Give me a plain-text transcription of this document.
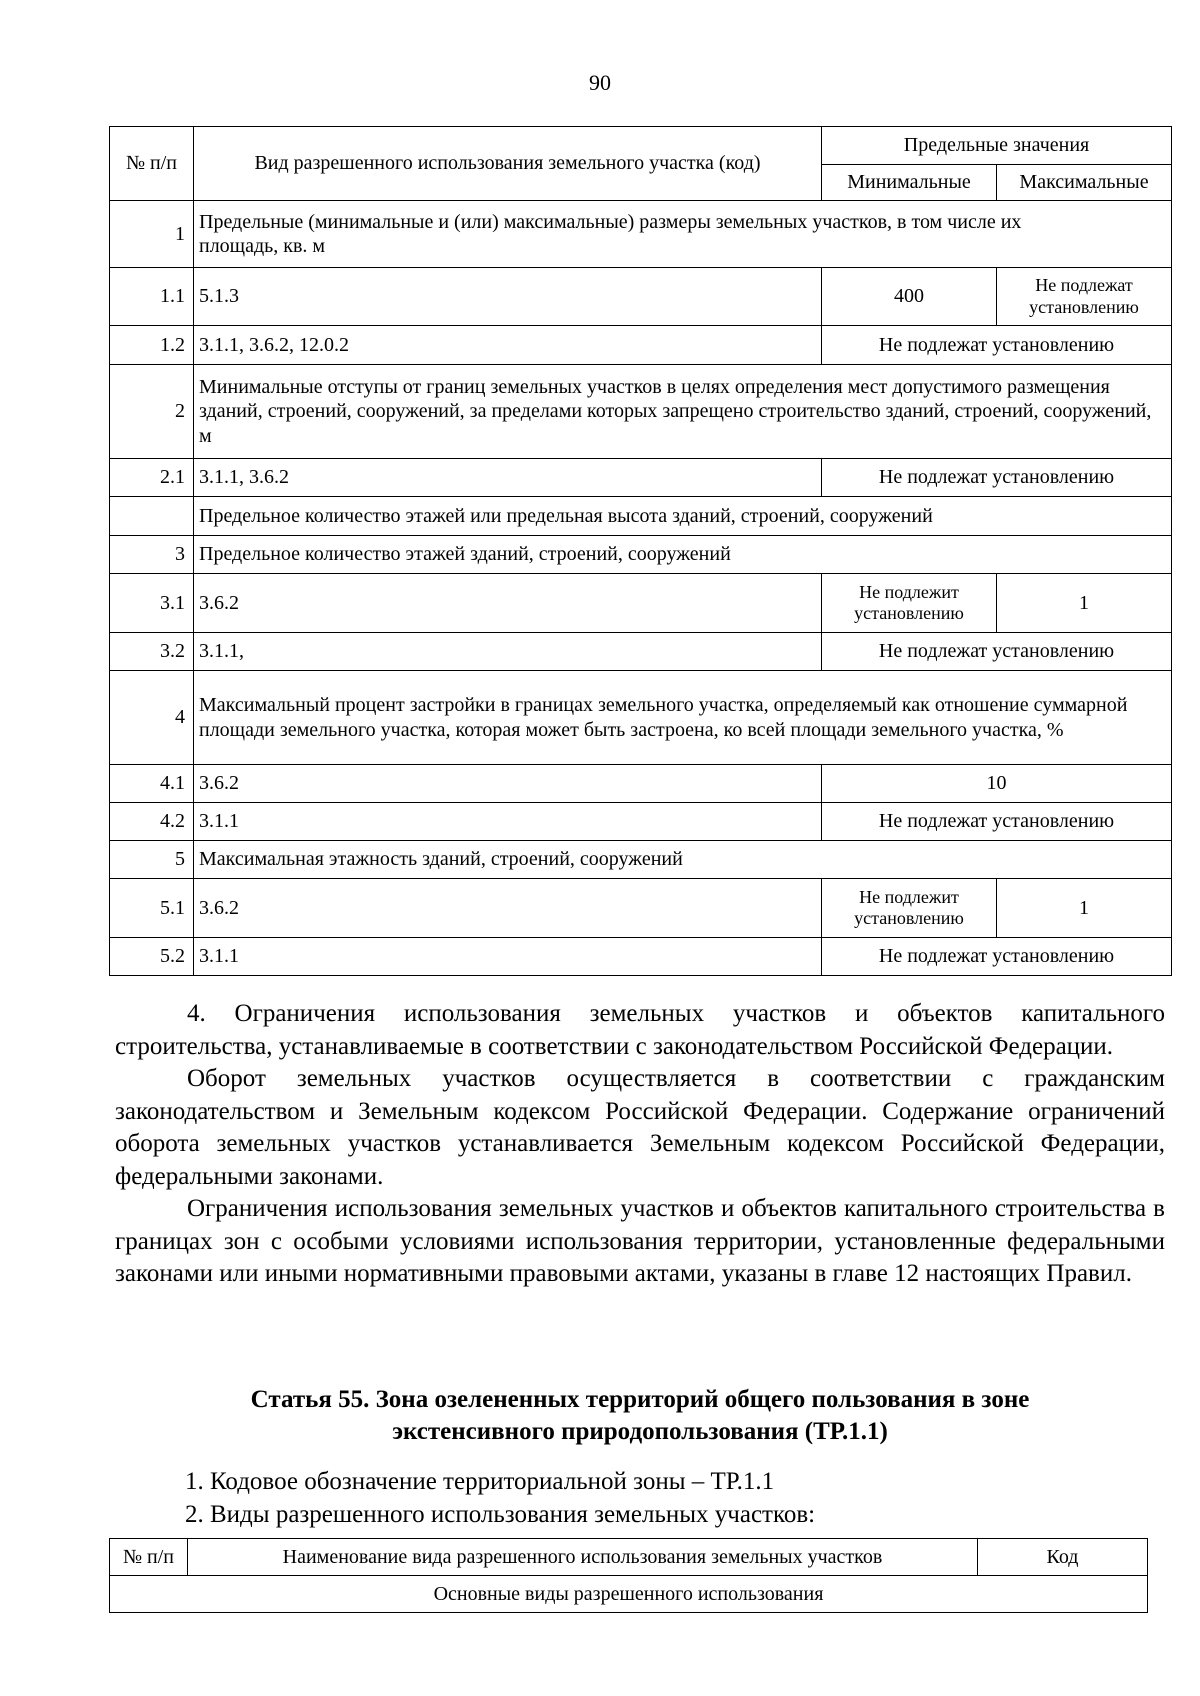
90
№ п/п	Вид разрешенного использования земельного участка (код)	Предельные значения	
		Минимальные	Максимальные
1	Предельные (минимальные и (или) максимальные) размеры земельных участков, в том числе их площадь, кв. м		
1.1	5.1.3	400	Не подлежат установлению
1.2	3.1.1, 3.6.2, 12.0.2	Не подлежат установлению	
2	Минимальные отступы от границ земельных участков в целях определения мест допустимого размещения зданий, строений, сооружений, за пределами которых запрещено строительство зданий, строений, сооружений, м		
2.1	3.1.1, 3.6.2	Не подлежат установлению	
	Предельное количество этажей или предельная высота зданий, строений, сооружений		
3	Предельное количество этажей зданий, строений, сооружений		
3.1	3.6.2	Не подлежит установлению	1
3.2	3.1.1,	Не подлежат установлению	
4	Максимальный процент застройки в границах земельного участка, определяемый как отношение суммарной площади земельного участка, которая может быть застроена, ко всей площади земельного участка, %		
4.1	3.6.2	10	
4.2	3.1.1	Не подлежат установлению	
5	Максимальная этажность зданий, строений, сооружений		
5.1	3.6.2	Не подлежит установлению	1
5.2	3.1.1	Не подлежат установлению	

4. Ограничения использования земельных участков и объектов капитального строительства, устанавливаемые в соответствии с законодательством Российской Федерации.

Оборот земельных участков осуществляется в соответствии с гражданским законодательством и Земельным кодексом Российской Федерации. Содержание ограничений оборота земельных участков устанавливается Земельным кодексом Российской Федерации, федеральными законами.

Ограничения использования земельных участков и объектов капитального строительства в границах зон с особыми условиями использования территории, установленные федеральными законами или иными нормативными правовыми актами, указаны в главе 12 настоящих Правил.

Статья 55. Зона озелененных территорий общего пользования в зоне
экстенсивного природопользования (ТР.1.1)
1. Кодовое обозначение территориальной зоны – ТР.1.1
2. Виды разрешенного использования земельных участков:
№ п/п	Наименование вида разрешенного использования земельных участков	Код
Основные виды разрешенного использования
